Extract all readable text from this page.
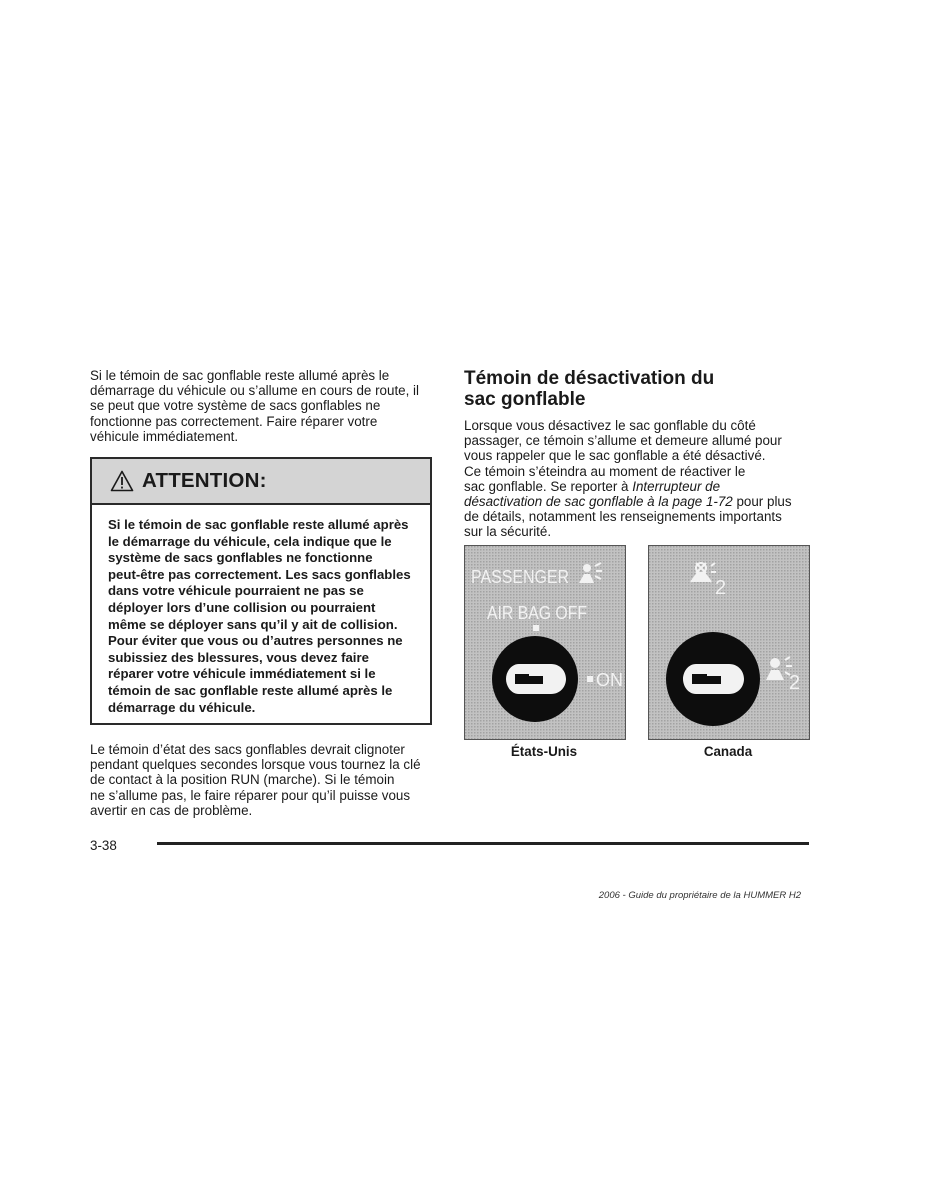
Si le témoin de sac gonflable reste allumé après le
démarrage du véhicule ou s’allume en cours de route, il
se peut que votre système de sacs gonflables ne
fonctionne pas correctement. Faire réparer votre
véhicule immédiatement.

ATTENTION:

Si le témoin de sac gonflable reste allumé après
le démarrage du véhicule, cela indique que le
système de sacs gonflables ne fonctionne
peut-être pas correctement. Les sacs gonflables
dans votre véhicule pourraient ne pas se
déployer lors d’une collision ou pourraient
même se déployer sans qu’il y ait de collision.
Pour éviter que vous ou d’autres personnes ne
subissiez des blessures, vous devez faire
réparer votre véhicule immédiatement si le
témoin de sac gonflable reste allumé après le
démarrage du véhicule.

Le témoin d’état des sacs gonflables devrait clignoter
pendant quelques secondes lorsque vous tournez la clé
de contact à la position RUN (marche). Si le témoin
ne s’allume pas, le faire réparer pour qu’il puisse vous
avertir en cas de problème.

Témoin de désactivation du
sac gonflable

Lorsque vous désactivez le sac gonflable du côté
passager, ce témoin s’allume et demeure allumé pour
vous rappeler que le sac gonflable a été désactivé.
Ce témoin s’éteindra au moment de réactiver le
sac gonflable. Se reporter à Interrupteur de
désactivation de sac gonflable à la page 1-72 pour plus
de détails, notamment les renseignements importants
sur la sécurité.

PASSENGER
AIR BAG OFF
ON
2
2
États-Unis	Canada
3-38
2006 - Guide du propriétaire de la HUMMER H2
